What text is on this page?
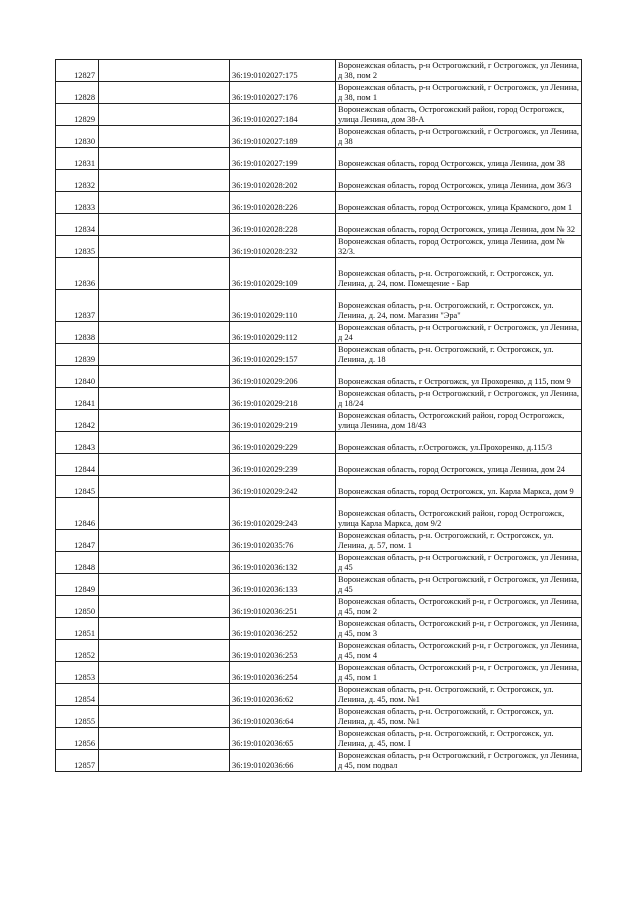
12827		36:19:0102027:175	Воронежская область, р-н Острогожский, г Острогожск, ул Ленина, д 38, пом 2
12828		36:19:0102027:176	Воронежская область, р-н Острогожский, г Острогожск, ул Ленина, д 38, пом 1
12829		36:19:0102027:184	Воронежская область, Острогожский район, город Острогожск, улица Ленина, дом 38-А
12830		36:19:0102027:189	Воронежская область, р-н Острогожский, г Острогожск, ул Ленина, д 38
12831		36:19:0102027:199	Воронежская область, город Острогожск, улица Ленина, дом 38
12832		36:19:0102028:202	Воронежская область, город Острогожск, улица Ленина, дом 36/3
12833		36:19:0102028:226	Воронежская область, город Острогожск, улица Крамского, дом 1
12834		36:19:0102028:228	Воронежская область, город Острогожск, улица Ленина, дом № 32
12835		36:19:0102028:232	Воронежская область, город Острогожск, улица Ленина, дом № 32/3.
12836		36:19:0102029:109	Воронежская область, р-н. Острогожский, г. Острогожск, ул. Ленина, д. 24, пом. Помещение - Бар
12837		36:19:0102029:110	Воронежская область, р-н. Острогожский, г. Острогожск, ул. Ленина, д. 24, пом. Магазин "Эра"
12838		36:19:0102029:112	Воронежская область, р-н Острогожский, г Острогожск, ул Ленина, д 24
12839		36:19:0102029:157	Воронежская область, р-н. Острогожский, г. Острогожск, ул. Ленина, д. 18
12840		36:19:0102029:206	Воронежская область, г Острогожск, ул Прохоренко, д 115, пом 9
12841		36:19:0102029:218	Воронежская область, р-н Острогожский, г Острогожск, ул Ленина, д 18/24
12842		36:19:0102029:219	Воронежская область, Острогожский район, город Острогожск, улица Ленина, дом 18/43
12843		36:19:0102029:229	Воронежская область, г.Острогожск, ул.Прохоренко, д.115/3
12844		36:19:0102029:239	Воронежская область, город Острогожск, улица Ленина, дом 24
12845		36:19:0102029:242	Воронежская область, город Острогожск, ул. Карла Маркса, дом 9
12846		36:19:0102029:243	Воронежская область, Острогожский район, город Острогожск, улица Карла Маркса, дом 9/2
12847		36:19:0102035:76	Воронежская область, р-н. Острогожский, г. Острогожск, ул. Ленина, д. 57, пом. 1
12848		36:19:0102036:132	Воронежская область, р-н Острогожский, г Острогожск, ул Ленина, д 45
12849		36:19:0102036:133	Воронежская область, р-н Острогожский, г Острогожск, ул Ленина, д 45
12850		36:19:0102036:251	Воронежская область, Острогожский р-н, г Острогожск, ул Ленина, д 45, пом 2
12851		36:19:0102036:252	Воронежская область, Острогожский р-н, г Острогожск, ул Ленина, д 45, пом 3
12852		36:19:0102036:253	Воронежская область, Острогожский р-н, г Острогожск, ул Ленина, д 45, пом 4
12853		36:19:0102036:254	Воронежская область, Острогожский р-н, г Острогожск, ул Ленина, д 45, пом 1
12854		36:19:0102036:62	Воронежская область, р-н. Острогожский, г. Острогожск, ул. Ленина, д. 45, пом. №1
12855		36:19:0102036:64	Воронежская область, р-н. Острогожский, г. Острогожск, ул. Ленина, д. 45, пом. №1
12856		36:19:0102036:65	Воронежская область, р-н. Острогожский, г. Острогожск, ул. Ленина, д. 45, пом. I
12857		36:19:0102036:66	Воронежская область, р-н Острогожский, г Острогожск, ул Ленина, д 45, пом подвал
